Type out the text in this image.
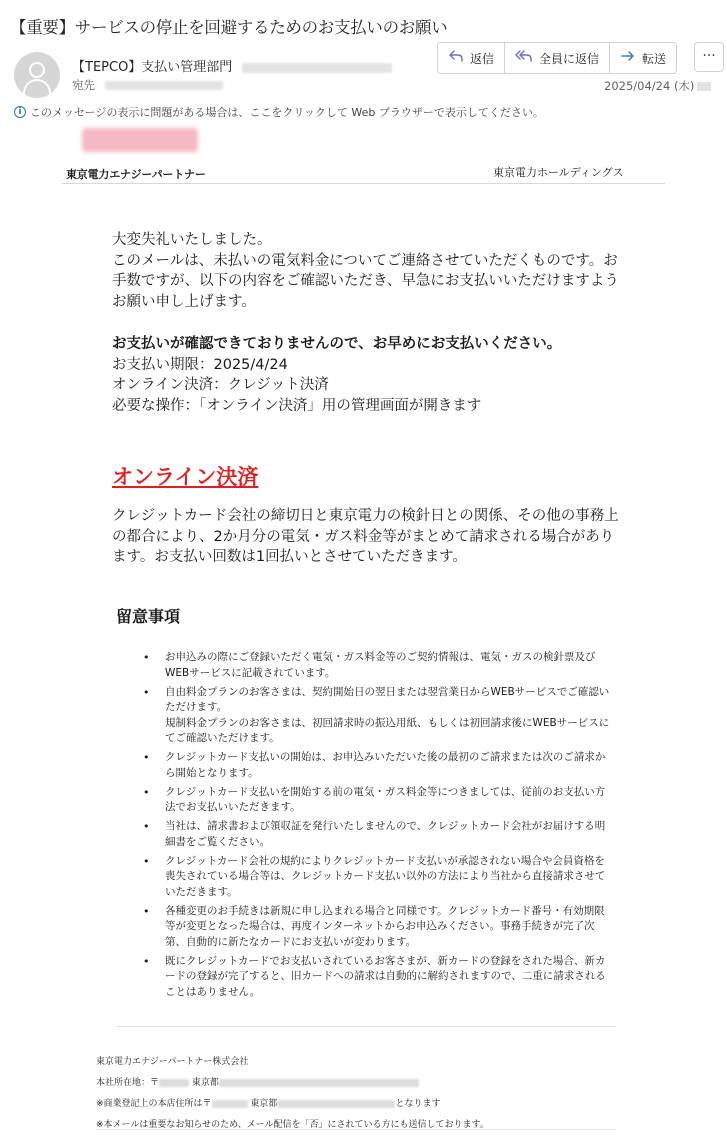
【重要】サービスの停止を回避するためのお支払いのお願い
【TEPCO】支払い管理部門
宛先
返信	全員に返信	転送	···
2025/04/24 (木)
i このメッセージの表示に問題がある場合は、ここをクリックして Web ブラウザーで表示してください。
東京電力エナジーパートナー	東京電力ホールディングス

大変失礼いたしました。
このメールは、未払いの電気料金についてご連絡させていただくものです。お手数ですが、以下の内容をご確認いただき、早急にお支払いいただけますようお願い申し上げます。

お支払いが確認できておりませんので、お早めにお支払いください。

お支払い期限：2025/4/24

オンライン決済：クレジット決済

必要な操作：「オンライン決済」用の管理画面が開きます

オンライン決済

クレジットカード会社の締切日と東京電力の検針日との関係、その他の事務上の都合により、2か月分の電気・ガス料金等がまとめて請求される場合があります。お支払い回数は1回払いとさせていただきます。

留意事項
• お申込みの際にご登録いただく電気・ガス料金等のご契約情報は、電気・ガスの検針票及びWEBサービスに記載されています。
• 自由料金プランのお客さまは、契約開始日の翌日または翌営業日からWEBサービスでご確認いただけます。
規制料金プランのお客さまは、初回請求時の振込用紙、もしくは初回請求後にWEBサービスにてご確認いただけます。
• クレジットカード支払いの開始は、お申込みいただいた後の最初のご請求または次のご請求から開始となります。
• クレジットカード支払いを開始する前の電気・ガス料金等につきましては、従前のお支払い方法でお支払いいただきます。
• 当社は、請求書および領収証を発行いたしませんので、クレジットカード会社がお届けする明細書をご覧ください。
• クレジットカード会社の規約によりクレジットカード支払いが承認されない場合や会員資格を喪失されている場合等は、クレジットカード支払い以外の方法により当社から直接請求させていただきます。
• 各種変更のお手続きは新規に申し込まれる場合と同様です。クレジットカード番号・有効期限等が変更となった場合は、再度インターネットからお申込みください。事務手続きが完了次第、自動的に新たなカードにお支払いが変わります。
• 既にクレジットカードでお支払いされているお客さまが、新カードの登録をされた場合、新カードの登録が完了すると、旧カードへの請求は自動的に解約されますので、二重に請求されることはありません。
東京電力エナジーパートナー株式会社
本社所在地：〒	東京都
※商業登記上の本店住所は〒	東京都	となります
※本メールは重要なお知らせのため、メール配信を「否」にされている方にも送信しております。
